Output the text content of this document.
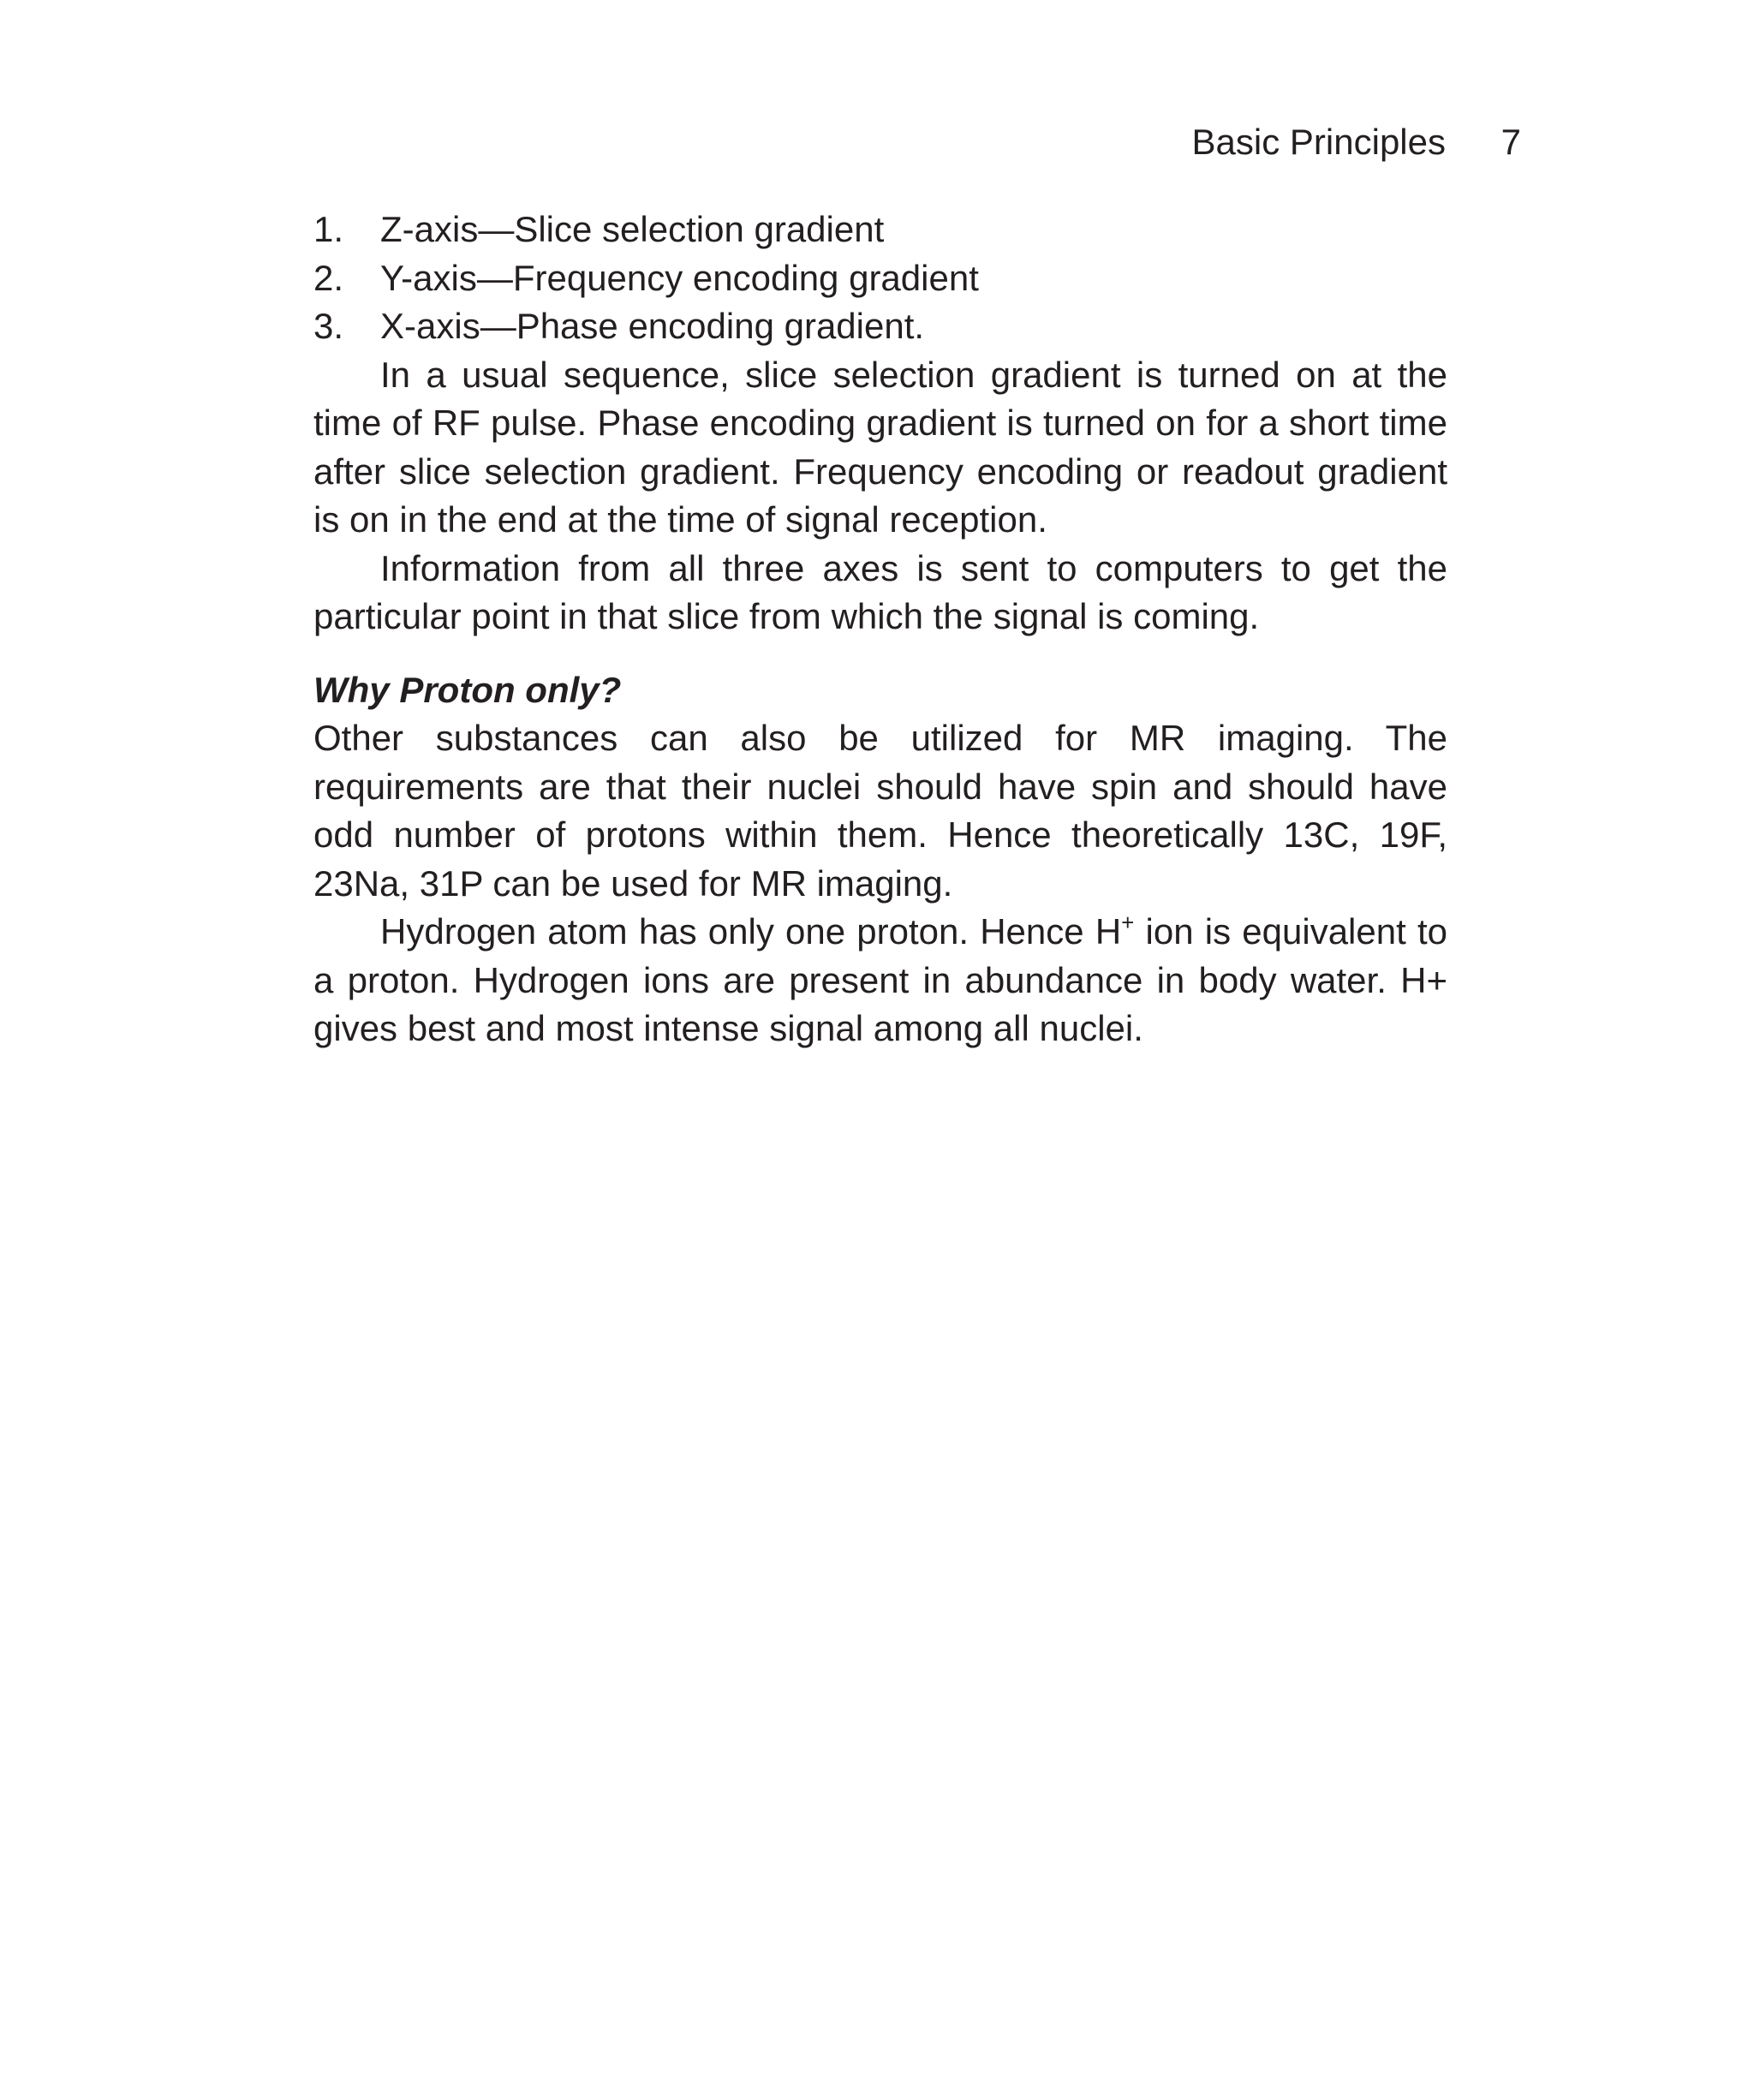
Basic Principles 7
1. Z-axis—Slice selection gradient
2. Y-axis—Frequency encoding gradient
3. X-axis—Phase encoding gradient.

In a usual sequence, slice selection gradient is turned on at the time of RF pulse. Phase encoding gradient is turned on for a short time after slice selection gradient. Frequency encoding or readout gradient is on in the end at the time of signal reception.

Information from all three axes is sent to computers to get the particular point in that slice from which the signal is coming.

Why Proton only?

Other substances can also be utilized for MR imaging. The requirements are that their nuclei should have spin and should have odd number of protons within them. Hence theoretically 13C, 19F, 23Na, 31P can be used for MR imaging.

Hydrogen atom has only one proton. Hence H+ ion is equivalent to a proton. Hydrogen ions are present in abundance in body water. H+ gives best and most intense signal among all nuclei.
